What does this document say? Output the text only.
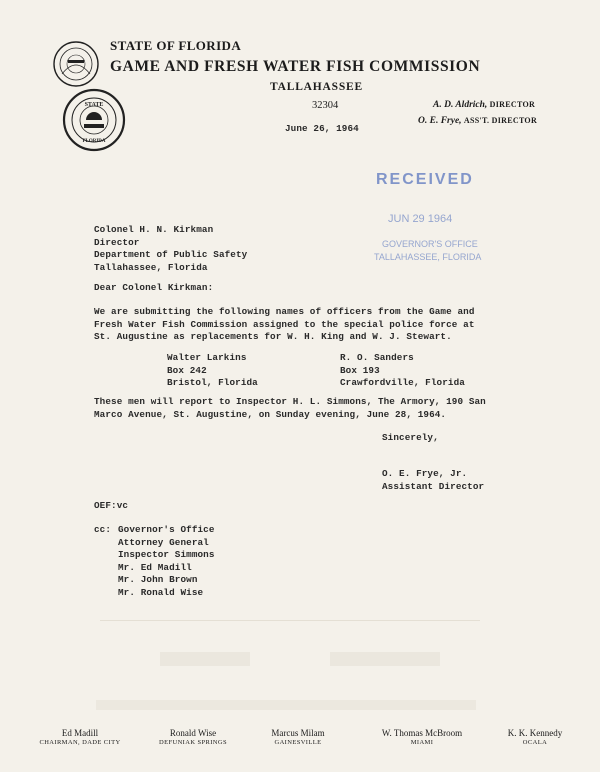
STATE
FLORIDA
STATE OF FLORIDA
GAME AND FRESH WATER FISH COMMISSION
TALLAHASSEE
32304
June 26, 1964
A. D. Aldrich, DIRECTOR
O. E. Frye, ASS'T. DIRECTOR
RECEIVED
JUN 29 1964
GOVERNOR'S OFFICE
TALLAHASSEE, FLORIDA
Colonel H. N. Kirkman
Director
Department of Public Safety
Tallahassee, Florida
Dear Colonel Kirkman:
We are submitting the following names of officers from the Game and
Fresh Water Fish Commission assigned to the special police force at
St. Augustine as replacements for W. H. King and W. J. Stewart.
Walter Larkins
Box 242
Bristol, Florida
R. O. Sanders
Box 193
Crawfordville, Florida
These men will report to Inspector H. L. Simmons, The Armory, 190 San
Marco Avenue, St. Augustine, on Sunday evening, June 28, 1964.
Sincerely,
O. E. Frye, Jr.
Assistant Director
OEF:vc
cc: Governor's Office
Attorney General
Inspector Simmons
Mr. Ed Madill
Mr. John Brown
Mr. Ronald Wise
Ed Madill
CHAIRMAN, DADE CITY
Ronald Wise
DEFUNIAK SPRINGS
Marcus Milam
GAINESVILLE
W. Thomas McBroom
MIAMI
K. K. Kennedy
OCALA
